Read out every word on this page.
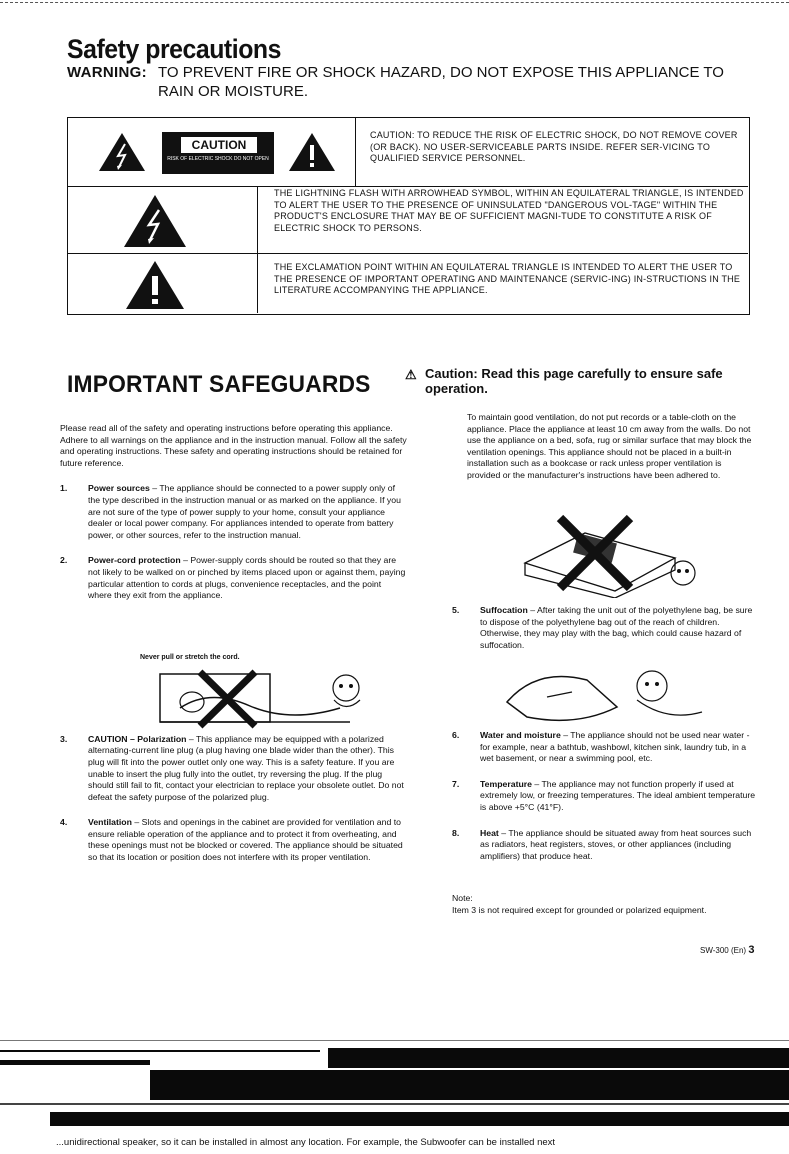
Safety precautions
WARNING: TO PREVENT FIRE OR SHOCK HAZARD, DO NOT EXPOSE THIS APPLIANCE TO RAIN OR MOISTURE.
CAUTION
RISK OF ELECTRIC SHOCK DO NOT OPEN
CAUTION: TO REDUCE THE RISK OF ELECTRIC SHOCK, DO NOT REMOVE COVER (OR BACK). NO USER-SERVICEABLE PARTS INSIDE. REFER SER-VICING TO QUALIFIED SERVICE PERSONNEL.
THE LIGHTNING FLASH WITH ARROWHEAD SYMBOL, WITHIN AN EQUILATERAL TRIANGLE, IS INTENDED TO ALERT THE USER TO THE PRESENCE OF UNINSULATED "DANGEROUS VOL-TAGE" WITHIN THE PRODUCT'S ENCLOSURE THAT MAY BE OF SUFFICIENT MAGNI-TUDE TO CONSTITUTE A RISK OF ELECTRIC SHOCK TO PERSONS.
THE EXCLAMATION POINT WITHIN AN EQUILATERAL TRIANGLE IS INTENDED TO ALERT THE USER TO THE PRESENCE OF IMPORTANT OPERATING AND MAINTENANCE (SERVIC-ING) IN-STRUCTIONS IN THE LITERATURE ACCOMPANYING THE APPLIANCE.
IMPORTANT SAFEGUARDS	⚠ Caution: Read this page carefully to ensure safe operation.

Please read all of the safety and operating instructions before operating this appliance. Adhere to all warnings on the appliance and in the instruction manual. Follow all the safety and operating instructions. These safety and operating instructions should be retained for future reference.

1. Power sources – The appliance should be connected to a power supply only of the type described in the instruction manual or as marked on the appliance. If you are not sure of the type of power supply to your home, consult your appliance dealer or local power company. For appliances intended to operate from battery power, or other sources, refer to the instruction manual.
2. Power-cord protection – Power-supply cords should be routed so that they are not likely to be walked on or pinched by items placed upon or against them, paying particular attention to cords at plugs, convenience receptacles, and the point where they exit from the appliance.
3. CAUTION – Polarization – This appliance may be equipped with a polarized alternating-current line plug (a plug having one blade wider than the other). This plug will fit into the power outlet only one way. This is a safety feature. If you are unable to insert the plug fully into the outlet, try reversing the plug. If the plug should still fail to fit, contact your electrician to replace your obsolete outlet. Do not defeat the safety purpose of the polarized plug.
4. Ventilation – Slots and openings in the cabinet are provided for ventilation and to ensure reliable operation of the appliance and to protect it from overheating, and these openings must not be blocked or covered. The appliance should be situated so that its location or position does not interfere with its proper ventilation.
Never pull or stretch the cord.

To maintain good ventilation, do not put records or a table-cloth on the appliance. Place the appliance at least 10 cm away from the walls. Do not use the appliance on a bed, sofa, rug or similar surface that may block the ventilation openings. This appliance should not be placed in a built-in installation such as a bookcase or rack unless proper ventilation is provided or the manufacturer's instructions have been adhered to.

5. Suffocation – After taking the unit out of the polyethylene bag, be sure to dispose of the polyethylene bag out of the reach of children. Otherwise, they may play with the bag, which could cause hazard of suffocation.
6. Water and moisture – The appliance should not be used near water - for example, near a bathtub, washbowl, kitchen sink, laundry tub, in a wet basement, or near a swimming pool, etc.
7. Temperature – The appliance may not function properly if used at extremely low, or freezing temperatures. The ideal ambient temperature is above +5°C (41°F).
8. Heat – The appliance should be situated away from heat sources such as radiators, heat registers, stoves, or other appliances (including amplifiers) that produce heat.
Note:
Item 3 is not required except for grounded or polarized equipment.
SW-300 (En) 3
...unidirectional speaker, so it can be installed in almost any location. For example, the Subwoofer can be installed next
